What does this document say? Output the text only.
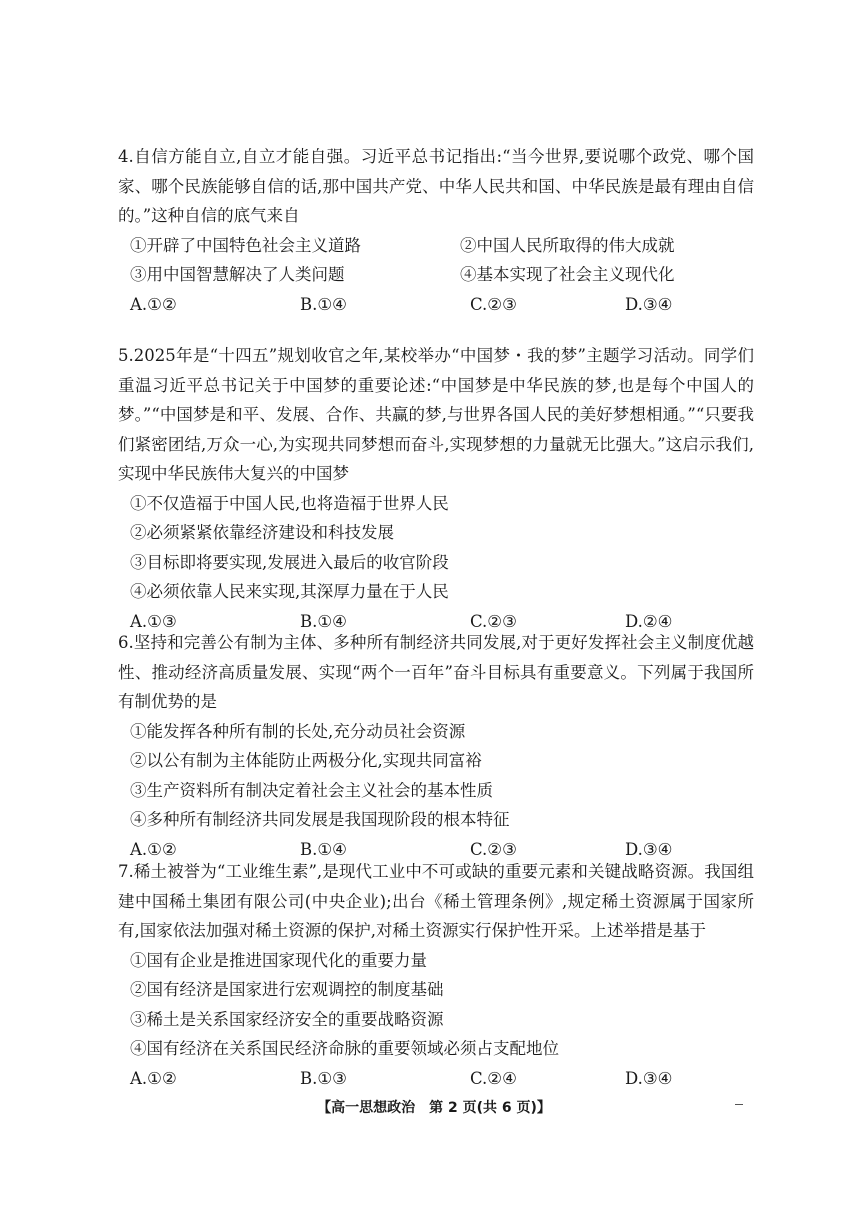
4.自信方能自立,自立才能自强。习近平总书记指出:“当今世界,要说哪个政党、哪个国家、哪个民族能够自信的话,那中国共产党、中华人民共和国、中华民族是最有理由自信的。”这种自信的底气来自

①开辟了中国特色社会主义道路	②中国人民所取得的伟大成就

③用中国智慧解决了人类问题	④基本实现了社会主义现代化

A.①②	B.①④	C.②③	D.③④

5.2025年是“十四五”规划收官之年,某校举办“中国梦・我的梦”主题学习活动。同学们重温习近平总书记关于中国梦的重要论述:“中国梦是中华民族的梦,也是每个中国人的梦。”“中国梦是和平、发展、合作、共赢的梦,与世界各国人民的美好梦想相通。”“只要我们紧密团结,万众一心,为实现共同梦想而奋斗,实现梦想的力量就无比强大。”这启示我们,实现中华民族伟大复兴的中国梦

①不仅造福于中国人民,也将造福于世界人民

②必须紧紧依靠经济建设和科技发展

③目标即将要实现,发展进入最后的收官阶段

④必须依靠人民来实现,其深厚力量在于人民

A.①③	B.①④	C.②③	D.②④

6.坚持和完善公有制为主体、多种所有制经济共同发展,对于更好发挥社会主义制度优越性、推动经济高质量发展、实现“两个一百年”奋斗目标具有重要意义。下列属于我国所有制优势的是

①能发挥各种所有制的长处,充分动员社会资源

②以公有制为主体能防止两极分化,实现共同富裕

③生产资料所有制决定着社会主义社会的基本性质

④多种所有制经济共同发展是我国现阶段的根本特征

A.①②	B.①④	C.②③	D.③④

7.稀土被誉为“工业维生素”,是现代工业中不可或缺的重要元素和关键战略资源。我国组建中国稀土集团有限公司(中央企业);出台《稀土管理条例》,规定稀土资源属于国家所有,国家依法加强对稀土资源的保护,对稀土资源实行保护性开采。上述举措是基于

①国有企业是推进国家现代化的重要力量

②国有经济是国家进行宏观调控的制度基础

③稀土是关系国家经济安全的重要战略资源

④国有经济在关系国民经济命脉的重要领域必须占支配地位

A.①②	B.①③	C.②④	D.③④
【高一思想政治　第 2 页(共 6 页)】
